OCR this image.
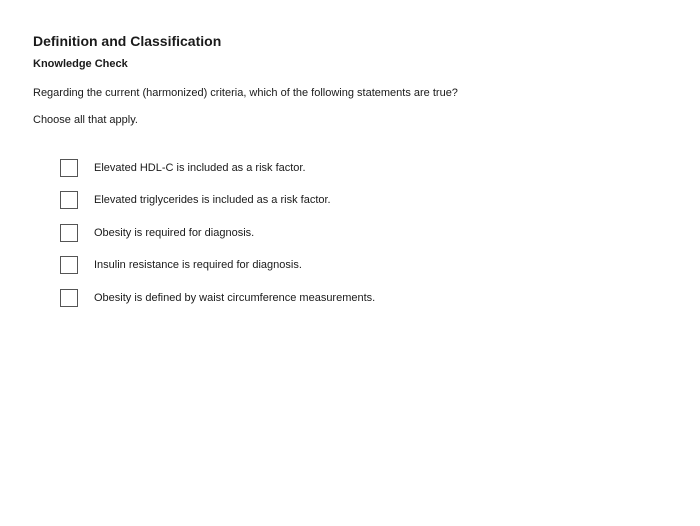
Definition and Classification
Knowledge Check

Regarding the current (harmonized) criteria, which of the following statements are true?

Choose all that apply.

Elevated HDL-C is included as a risk factor.
Elevated triglycerides is included as a risk factor.
Obesity is required for diagnosis.
Insulin resistance is required for diagnosis.
Obesity is defined by waist circumference measurements.
